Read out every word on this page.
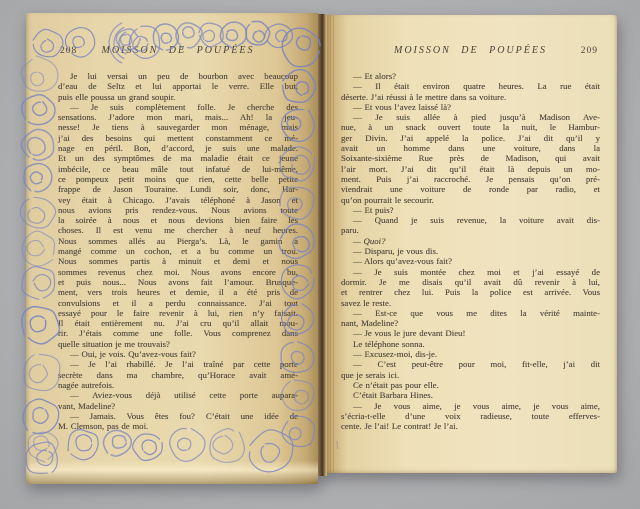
208	MOISSON DE POUPÉES
Je lui versai un peu de bourbon avec beaucoup
d’eau de Seltz et lui apportai le verre. Elle but,
puis elle poussa un grand soupir.
— Je suis complètement folle. Je cherche des
sensations. J’adore mon mari, mais... Ah! la jeu-
nesse! Je tiens à sauvegarder mon ménage, mais
j’ai des besoins qui mettent constamment ce mé-
nage en péril. Bon, d’accord, je suis une malade.
Et un des symptômes de ma maladie était ce jeune
imbécile, ce beau mâle tout infatué de lui-même,
ce pompeux petit moins que rien, cette belle petite
frappe de Jason Touraine. Lundi soir, donc, Har-
vey était à Chicago. J’avais téléphoné à Jason et
nous avions pris rendez-vous. Nous avions toute
la soirée à nous et nous devions bien faire les
choses. Il est venu me chercher à neuf heures.
Nous sommes allés au Pierga’s. Là, le gamin a
mangé comme un cochon, et a bu comme un trou.
Nous sommes partis à minuit et demi et nous
sommes revenus chez moi. Nous avons encore bu,
et puis nous... Nous avons fait l’amour. Brusque-
ment, vers trois heures et demie, il a été pris de
convulsions et il a perdu connaissance. J’ai tout
essayé pour le faire revenir à lui, rien n’y faisait.
Il était entièrement nu. J’ai cru qu’il allait mou-
rir. J’étais comme une folle. Vous comprenez dans
quelle situation je me trouvais?
— Oui, je vois. Qu’avez-vous fait?
— Je l’ai rhabillé. Je l’ai traîné par cette porte
secrète dans ma chambre, qu’Horace avait amé-
nagée autrefois.
— Aviez-vous déjà utilisé cette porte aupara-
vant, Madeline?
— Jamais. Vous êtes fou? C’était une idée de
M. Clemson, pas de moi.
MOISSON DE POUPÉES	209
— Et alors?
— Il était environ quatre heures. La rue était
déserte. J’ai réussi à le mettre dans sa voiture.
— Et vous l’avez laissé là?
— Je suis allée à pied jusqu’à Madison Ave-
nue, à un snack ouvert toute la nuit, le Hambur-
ger Divin. J’ai appelé la police. J’ai dit qu’il y
avait un homme dans une voiture, dans la
Soixante-sixième Rue près de Madison, qui avait
l’air mort. J’ai dit qu’il était là depuis un mo-
ment. Puis j’ai raccroché. Je pensais qu’on pré-
viendrait une voiture de ronde par radio, et
qu’on pourrait le secourir.
— Et puis?
— Quand je suis revenue, la voiture avait dis-
paru.
— Quoi?
— Disparu, je vous dis.
— Alors qu’avez-vous fait?
— Je suis montée chez moi et j’ai essayé de
dormir. Je me disais qu’il avait dû revenir à lui,
et rentrer chez lui. Puis la police est arrivée. Vous
savez le reste.
— Est-ce que vous me dites la vérité mainte-
nant, Madeline?
— Je vous le jure devant Dieu!
Le téléphone sonna.
— Excusez-moi, dis-je.
— C’est peut-être pour moi, fit-elle, j’ai dit
que je serais ici.
Ce n’était pas pour elle.
C’était Barbara Hines.
— Je vous aime, je vous aime, je vous aime,
s’écria-t-elle d’une voix radieuse, toute efferves-
cente. Je l’ai! Le contrat! Je l’ai.
